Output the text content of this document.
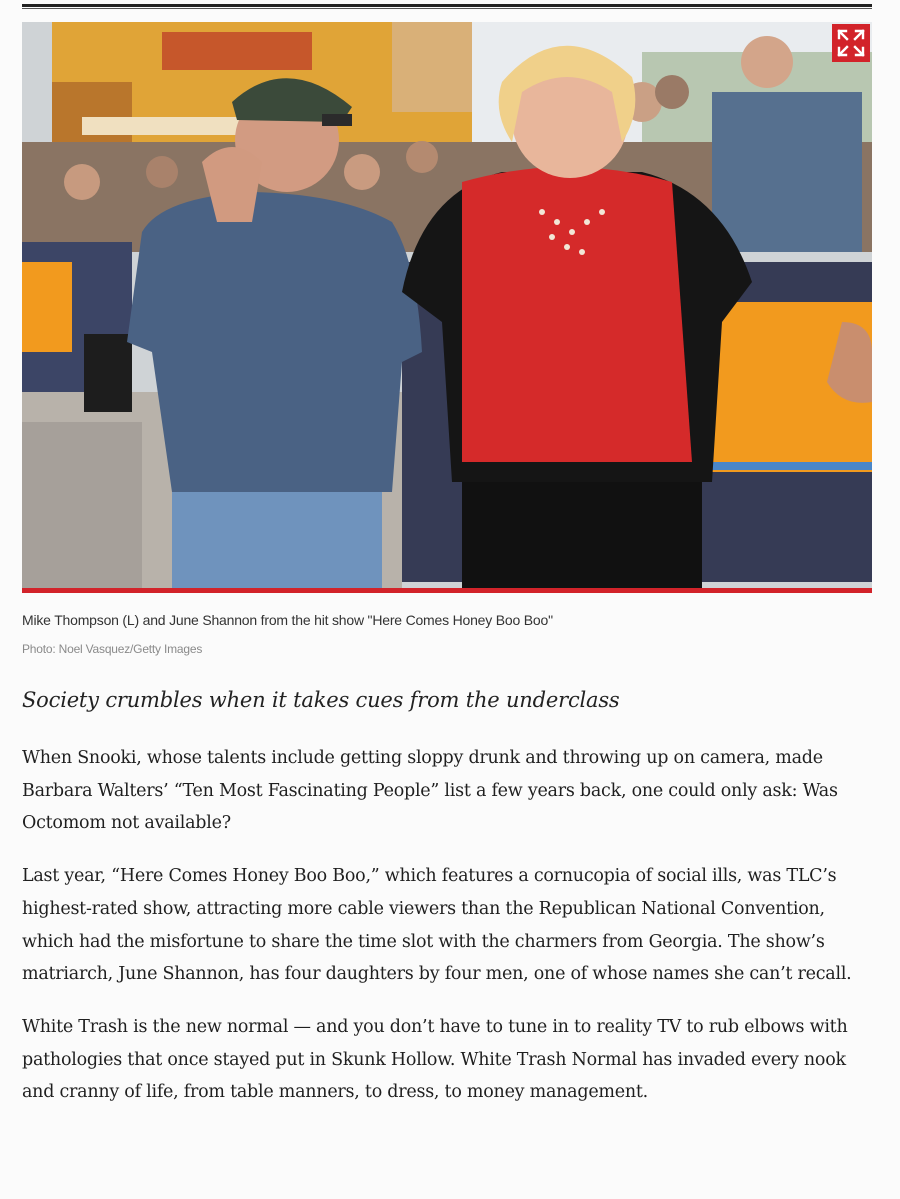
Mike Thompson (L) and June Shannon from the hit show "Here Comes Honey Boo Boo"
Photo: Noel Vasquez/Getty Images
Society crumbles when it takes cues from the underclass

When Snooki, whose talents include getting sloppy drunk and throwing up on camera, made Barbara Walters’ “Ten Most Fascinating People” list a few years back, one could only ask: Was Octomom not available?

Last year, “Here Comes Honey Boo Boo,” which features a cornucopia of social ills, was TLC’s highest-rated show, attracting more cable viewers than the Republican National Convention, which had the misfortune to share the time slot with the charmers from Georgia. The show’s matriarch, June Shannon, has four daughters by four men, one of whose names she can’t recall.

White Trash is the new normal — and you don’t have to tune in to reality TV to rub elbows with pathologies that once stayed put in Skunk Hollow. White Trash Normal has invaded every nook and cranny of life, from table manners, to dress, to money management.
